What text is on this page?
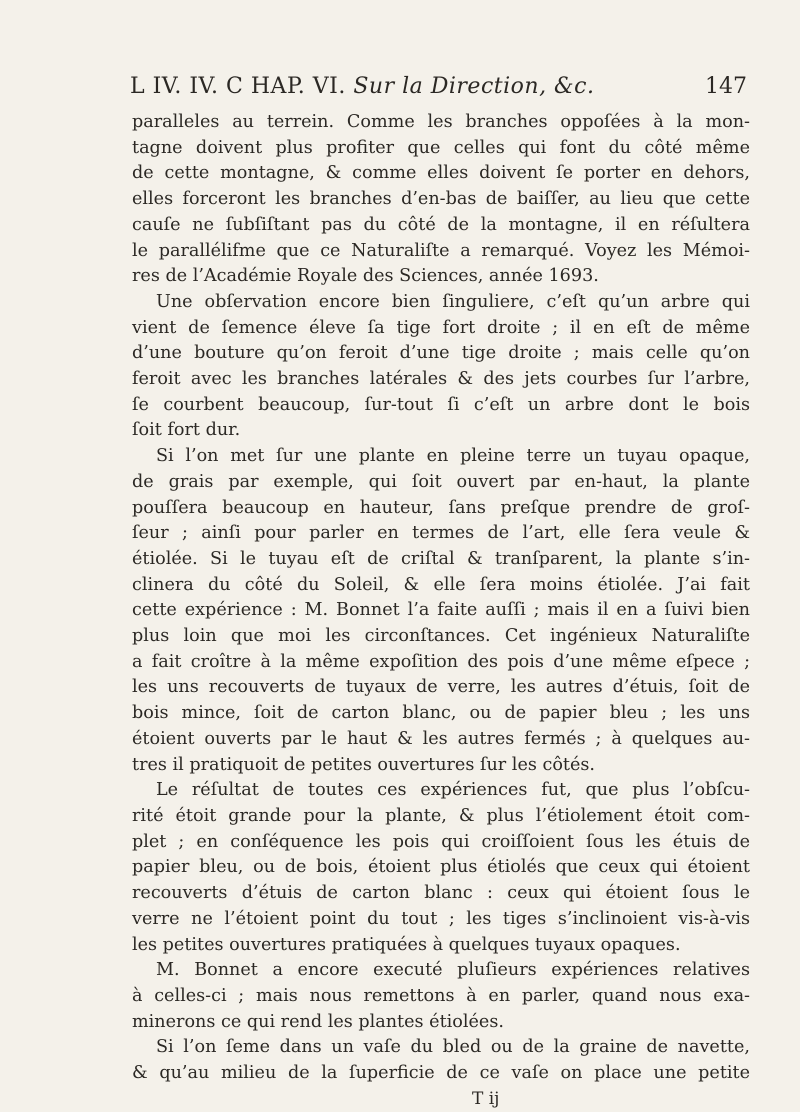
L IV. IV. C HAP. VI. Sur la Direction, &c.	147
paralleles au terrein. Comme les branches oppoſées à la mon-
tagne doivent plus profiter que celles qui font du côté même
de cette montagne, & comme elles doivent ſe porter en dehors,
elles forceront les branches d’en-bas de baiſſer, au lieu que cette
cauſe ne ſubſiſtant pas du côté de la montagne, il en réſultera
le parallélifme que ce Naturaliſte a remarqué. Voyez les Mémoi-
res de l’Académie Royale des Sciences, année 1693.
Une obſervation encore bien ſinguliere, c’eſt qu’un arbre qui
vient de ſemence éleve ſa tige fort droite ; il en eſt de même
d’une bouture qu’on feroit d’une tige droite ; mais celle qu’on
feroit avec les branches latérales & des jets courbes ſur l’arbre,
ſe courbent beaucoup, ſur-tout ſi c’eſt un arbre dont le bois
ſoit fort dur.
Si l’on met ſur une plante en pleine terre un tuyau opaque,
de grais par exemple, qui ſoit ouvert par en-haut, la plante
pouſſera beaucoup en hauteur, ſans preſque prendre de groſ-
ſeur ; ainſi pour parler en termes de l’art, elle ſera veule &
étiolée. Si le tuyau eſt de criſtal & tranſparent, la plante s’in-
clinera du côté du Soleil, & elle ſera moins étiolée. J’ai fait
cette expérience : M. Bonnet l’a faite auſſi ; mais il en a ſuivi bien
plus loin que moi les circonſtances. Cet ingénieux Naturaliſte
a fait croître à la même expoſition des pois d’une même eſpece ;
les uns recouverts de tuyaux de verre, les autres d’étuis, ſoit de
bois mince, ſoit de carton blanc, ou de papier bleu ; les uns
étoient ouverts par le haut & les autres fermés ; à quelques au-
tres il pratiquoit de petites ouvertures ſur les côtés.
Le réſultat de toutes ces expériences fut, que plus l’obſcu-
rité étoit grande pour la plante, & plus l’étiolement étoit com-
plet ; en conſéquence les pois qui croiſſoient ſous les étuis de
papier bleu, ou de bois, étoient plus étiolés que ceux qui étoient
recouverts d’étuis de carton blanc : ceux qui étoient ſous le
verre ne l’étoient point du tout ; les tiges s’inclinoient vis-à-vis
les petites ouvertures pratiquées à quelques tuyaux opaques.
M. Bonnet a encore executé pluſieurs expériences relatives
à celles-ci ; mais nous remettons à en parler, quand nous exa-
minerons ce qui rend les plantes étiolées.
Si l’on ſeme dans un vaſe du bled ou de la graine de navette,
& qu’au milieu de la ſuperficie de ce vaſe on place une petite
T ij
